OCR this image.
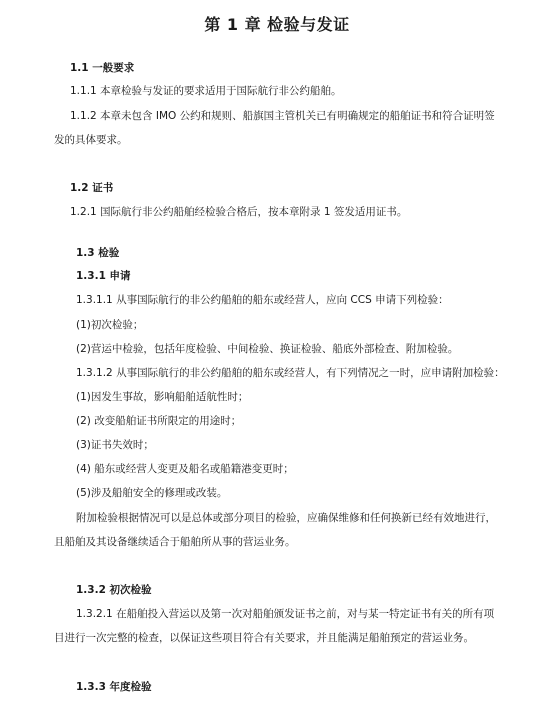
第 1 章 检验与发证
1.1 一般要求
1.1.1 本章检验与发证的要求适用于国际航行非公约船舶。
1.1.2 本章未包含 IMO 公约和规则、船旗国主管机关已有明确规定的船舶证书和符合证明签
发的具体要求。
1.2 证书
1.2.1 国际航行非公约船舶经检验合格后，按本章附录 1 签发适用证书。
1.3 检验
1.3.1 申请
1.3.1.1 从事国际航行的非公约船舶的船东或经营人，应向 CCS 申请下列检验：
(1)初次检验；
(2)营运中检验，包括年度检验、中间检验、换证检验、船底外部检查、附加检验。
1.3.1.2 从事国际航行的非公约船舶的船东或经营人，有下列情况之一时，应申请附加检验：
(1)因发生事故，影响船舶适航性时；
(2) 改变船舶证书所限定的用途时；
(3)证书失效时；
(4) 船东或经营人变更及船名或船籍港变更时；
(5)涉及船舶安全的修理或改装。
附加检验根据情况可以是总体或部分项目的检验，应确保维修和任何换新已经有效地进行，
且船舶及其设备继续适合于船舶所从事的营运业务。
1.3.2 初次检验
1.3.2.1 在船舶投入营运以及第一次对船舶颁发证书之前，对与某一特定证书有关的所有项
目进行一次完整的检查，以保证这些项目符合有关要求，并且能满足船舶预定的营运业务。
1.3.3 年度检验
